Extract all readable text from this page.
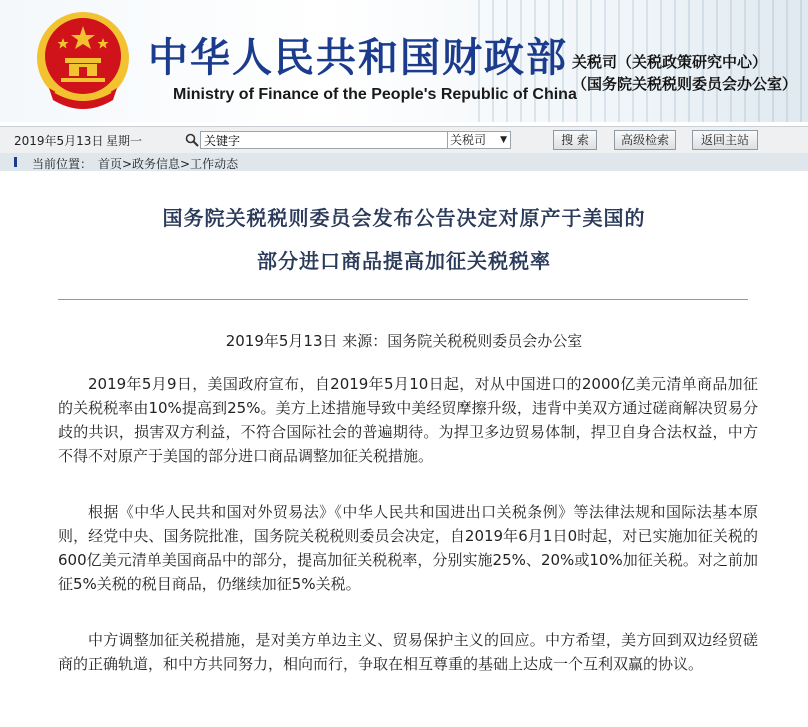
中华人民共和国财政部
Ministry of Finance of the People's Republic of China
关税司（关税政策研究中心）
（国务院关税税则委员会办公室）
2019年5月13日 星期一
关键字	关税司 ▼	搜 索	高级检索	返回主站
当前位置： 首页>政务信息>工作动态
国务院关税税则委员会发布公告决定对原产于美国的
部分进口商品提高加征关税税率
2019年5月13日 来源：国务院关税税则委员会办公室
2019年5月9日，美国政府宣布，自2019年5月10日起，对从中国进口的2000亿美元清单商品加征的关税税率由10%提高到25%。美方上述措施导致中美经贸摩擦升级，违背中美双方通过磋商解决贸易分歧的共识，损害双方利益，不符合国际社会的普遍期待。为捍卫多边贸易体制，捍卫自身合法权益，中方不得不对原产于美国的部分进口商品调整加征关税措施。
根据《中华人民共和国对外贸易法》《中华人民共和国进出口关税条例》等法律法规和国际法基本原则，经党中央、国务院批准，国务院关税税则委员会决定，自2019年6月1日0时起，对已实施加征关税的600亿美元清单美国商品中的部分，提高加征关税税率，分别实施25%、20%或10%加征关税。对之前加征5%关税的税目商品，仍继续加征5%关税。
中方调整加征关税措施，是对美方单边主义、贸易保护主义的回应。中方希望，美方回到双边经贸磋商的正确轨道，和中方共同努力，相向而行，争取在相互尊重的基础上达成一个互利双赢的协议。
